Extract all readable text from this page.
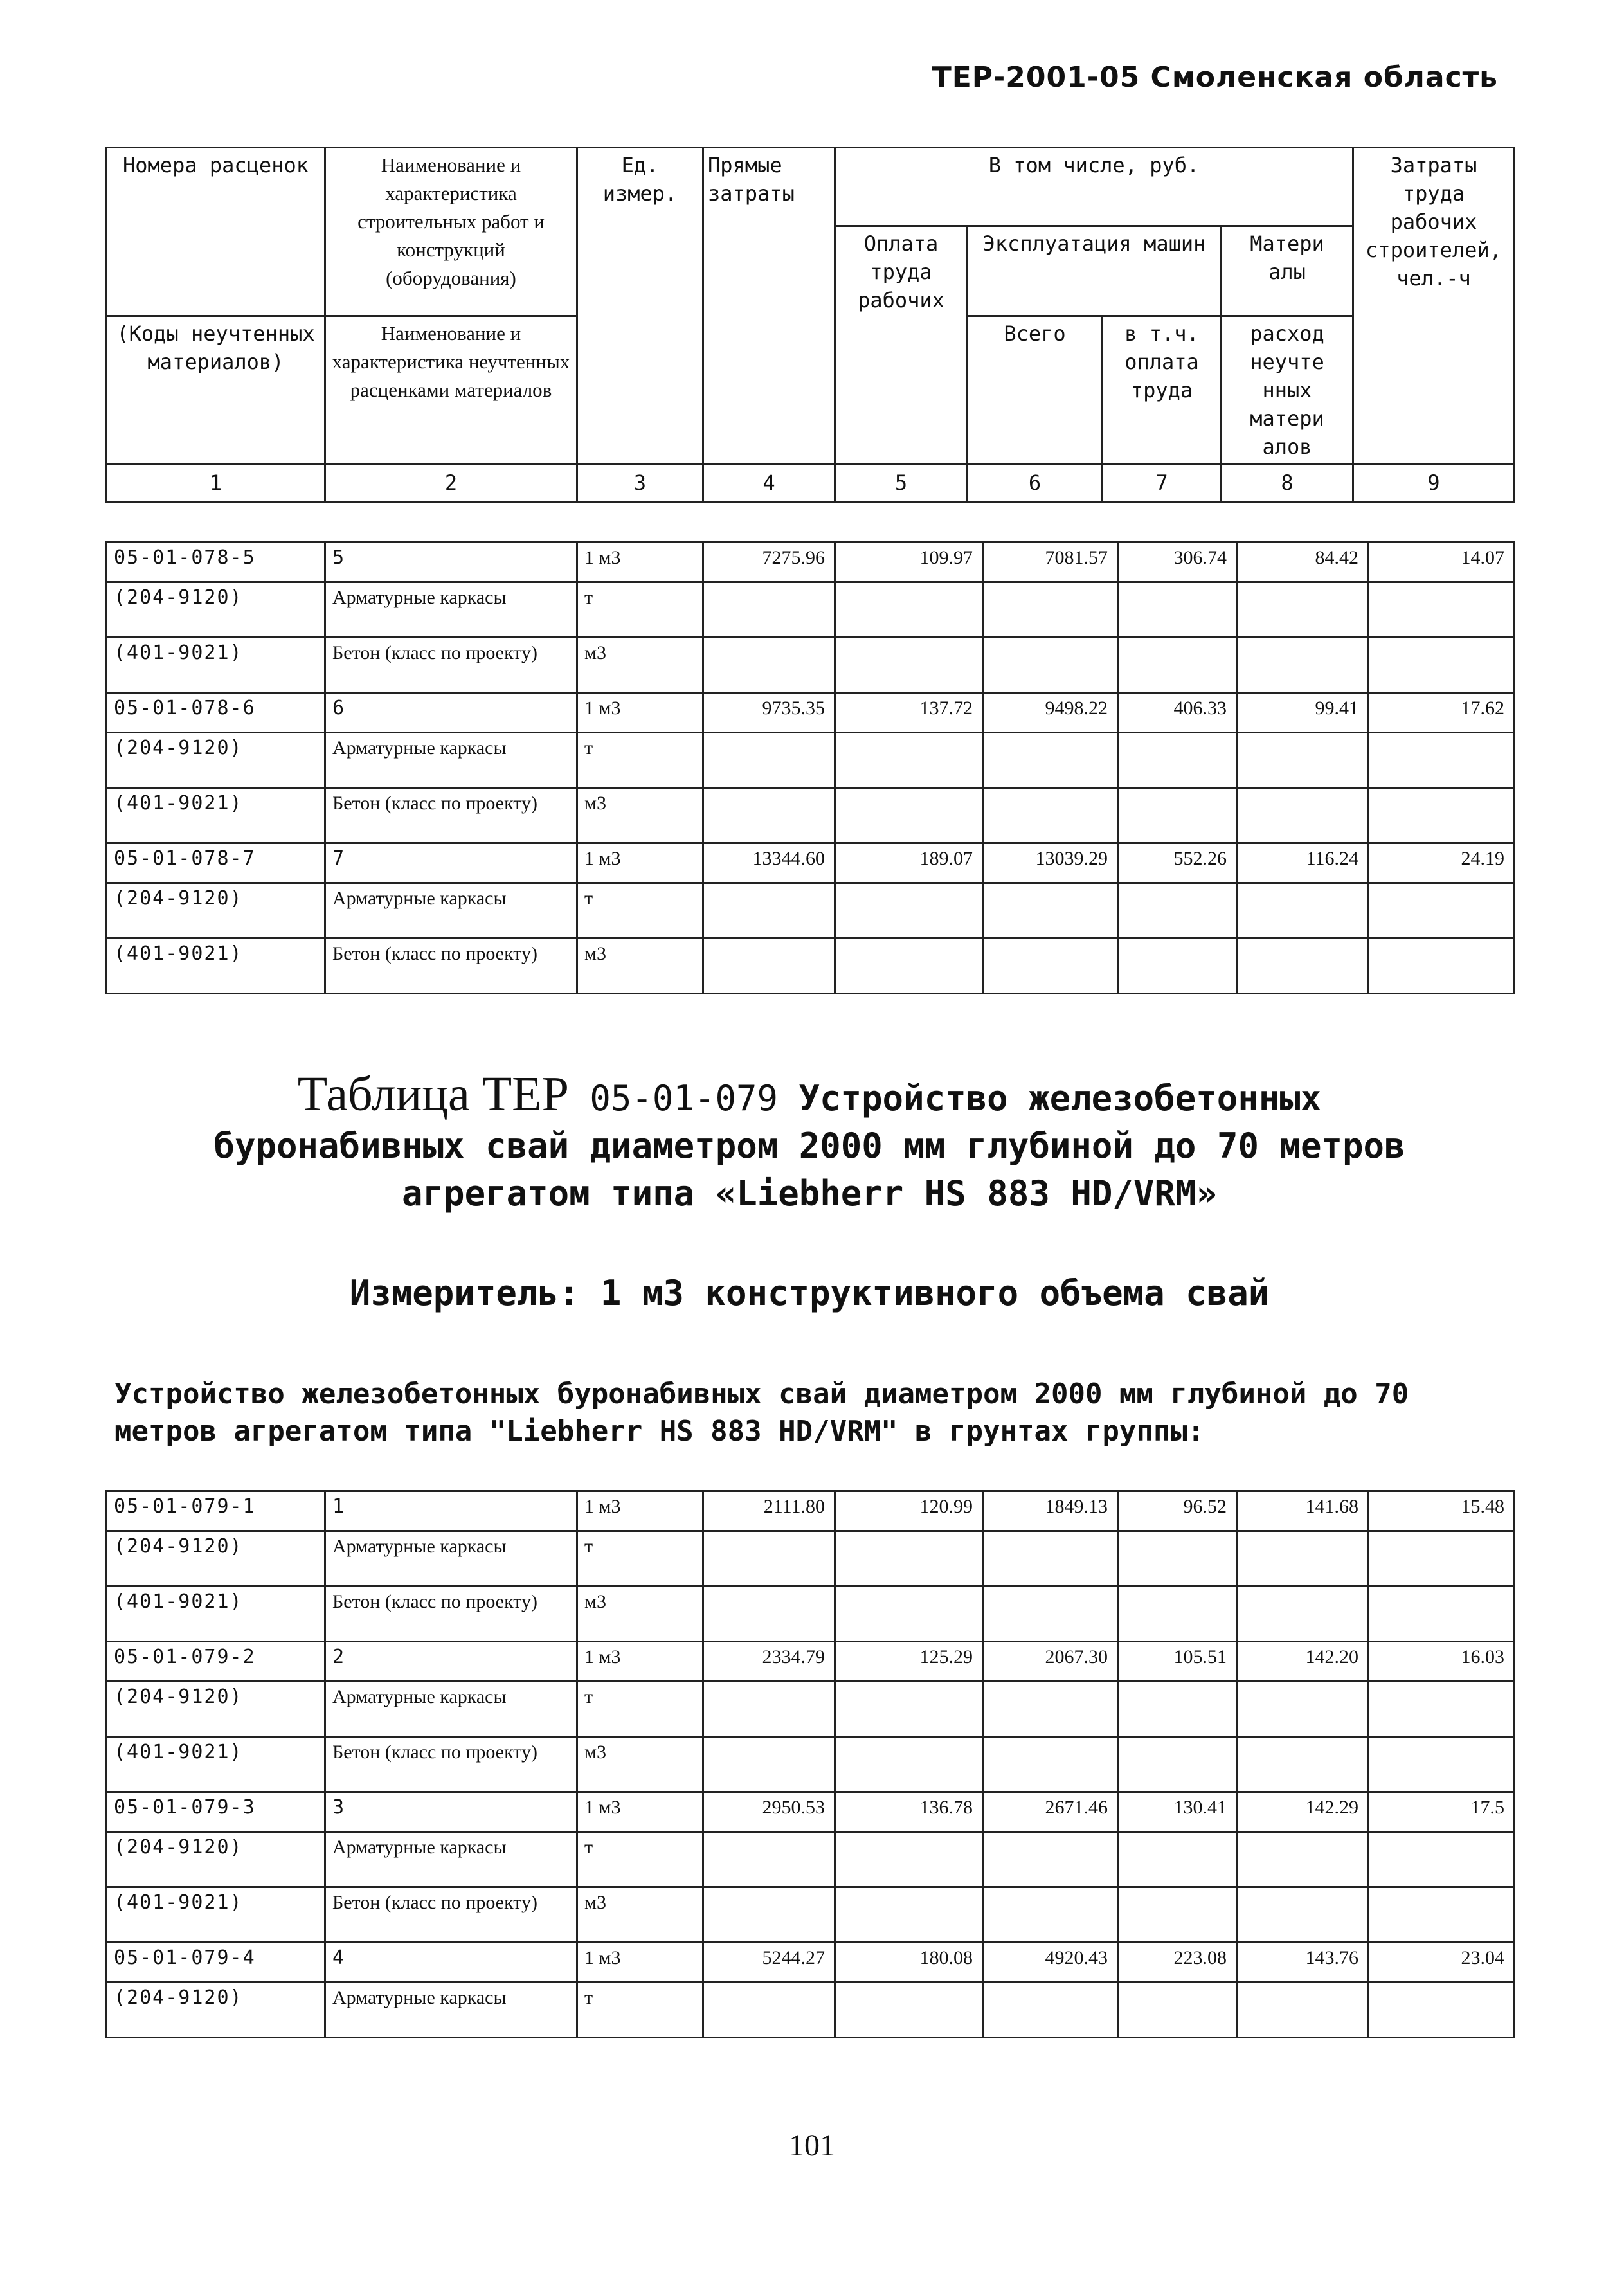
ТЕР-2001-05 Смоленская область
Номера расценок	Наименование и характеристика строительных работ и конструкций (оборудования)	Ед. измер.	Прямые затраты	В том числе, руб.				Затраты труда рабочих строителей, чел.-ч
				Оплата труда рабочих	Эксплуатация машин		Матери алы	
(Коды неучтенных материалов)	Наименование и характеристика неучтенных расценками материалов				Всего	в т.ч. оплата труда	расход неучте нных матери алов	
1	2	3	4	5	6	7	8	9
05-01-078-5	5	1 м3	7275.96	109.97	7081.57	306.74	84.42	14.07
(204-9120)	Арматурные каркасы	т						
(401-9021)	Бетон (класс по проекту)	м3						
05-01-078-6	6	1 м3	9735.35	137.72	9498.22	406.33	99.41	17.62
(204-9120)	Арматурные каркасы	т						
(401-9021)	Бетон (класс по проекту)	м3						
05-01-078-7	7	1 м3	13344.60	189.07	13039.29	552.26	116.24	24.19
(204-9120)	Арматурные каркасы	т						
(401-9021)	Бетон (класс по проекту)	м3						
Таблица ТЕР 05-01-079 Устройство железобетонных
буронабивных свай диаметром 2000 мм глубиной до 70 метров
агрегатом типа «Liebherr HS 883 HD/VRM»
Измеритель: 1 м3 конструктивного объема свай
Устройство железобетонных буронабивных свай диаметром 2000 мм глубиной до 70 метров агрегатом типа "Liebherr HS 883 HD/VRM" в грунтах группы:
05-01-079-1	1	1 м3	2111.80	120.99	1849.13	96.52	141.68	15.48
(204-9120)	Арматурные каркасы	т						
(401-9021)	Бетон (класс по проекту)	м3						
05-01-079-2	2	1 м3	2334.79	125.29	2067.30	105.51	142.20	16.03
(204-9120)	Арматурные каркасы	т						
(401-9021)	Бетон (класс по проекту)	м3						
05-01-079-3	3	1 м3	2950.53	136.78	2671.46	130.41	142.29	17.5
(204-9120)	Арматурные каркасы	т						
(401-9021)	Бетон (класс по проекту)	м3						
05-01-079-4	4	1 м3	5244.27	180.08	4920.43	223.08	143.76	23.04
(204-9120)	Арматурные каркасы	т						
101
